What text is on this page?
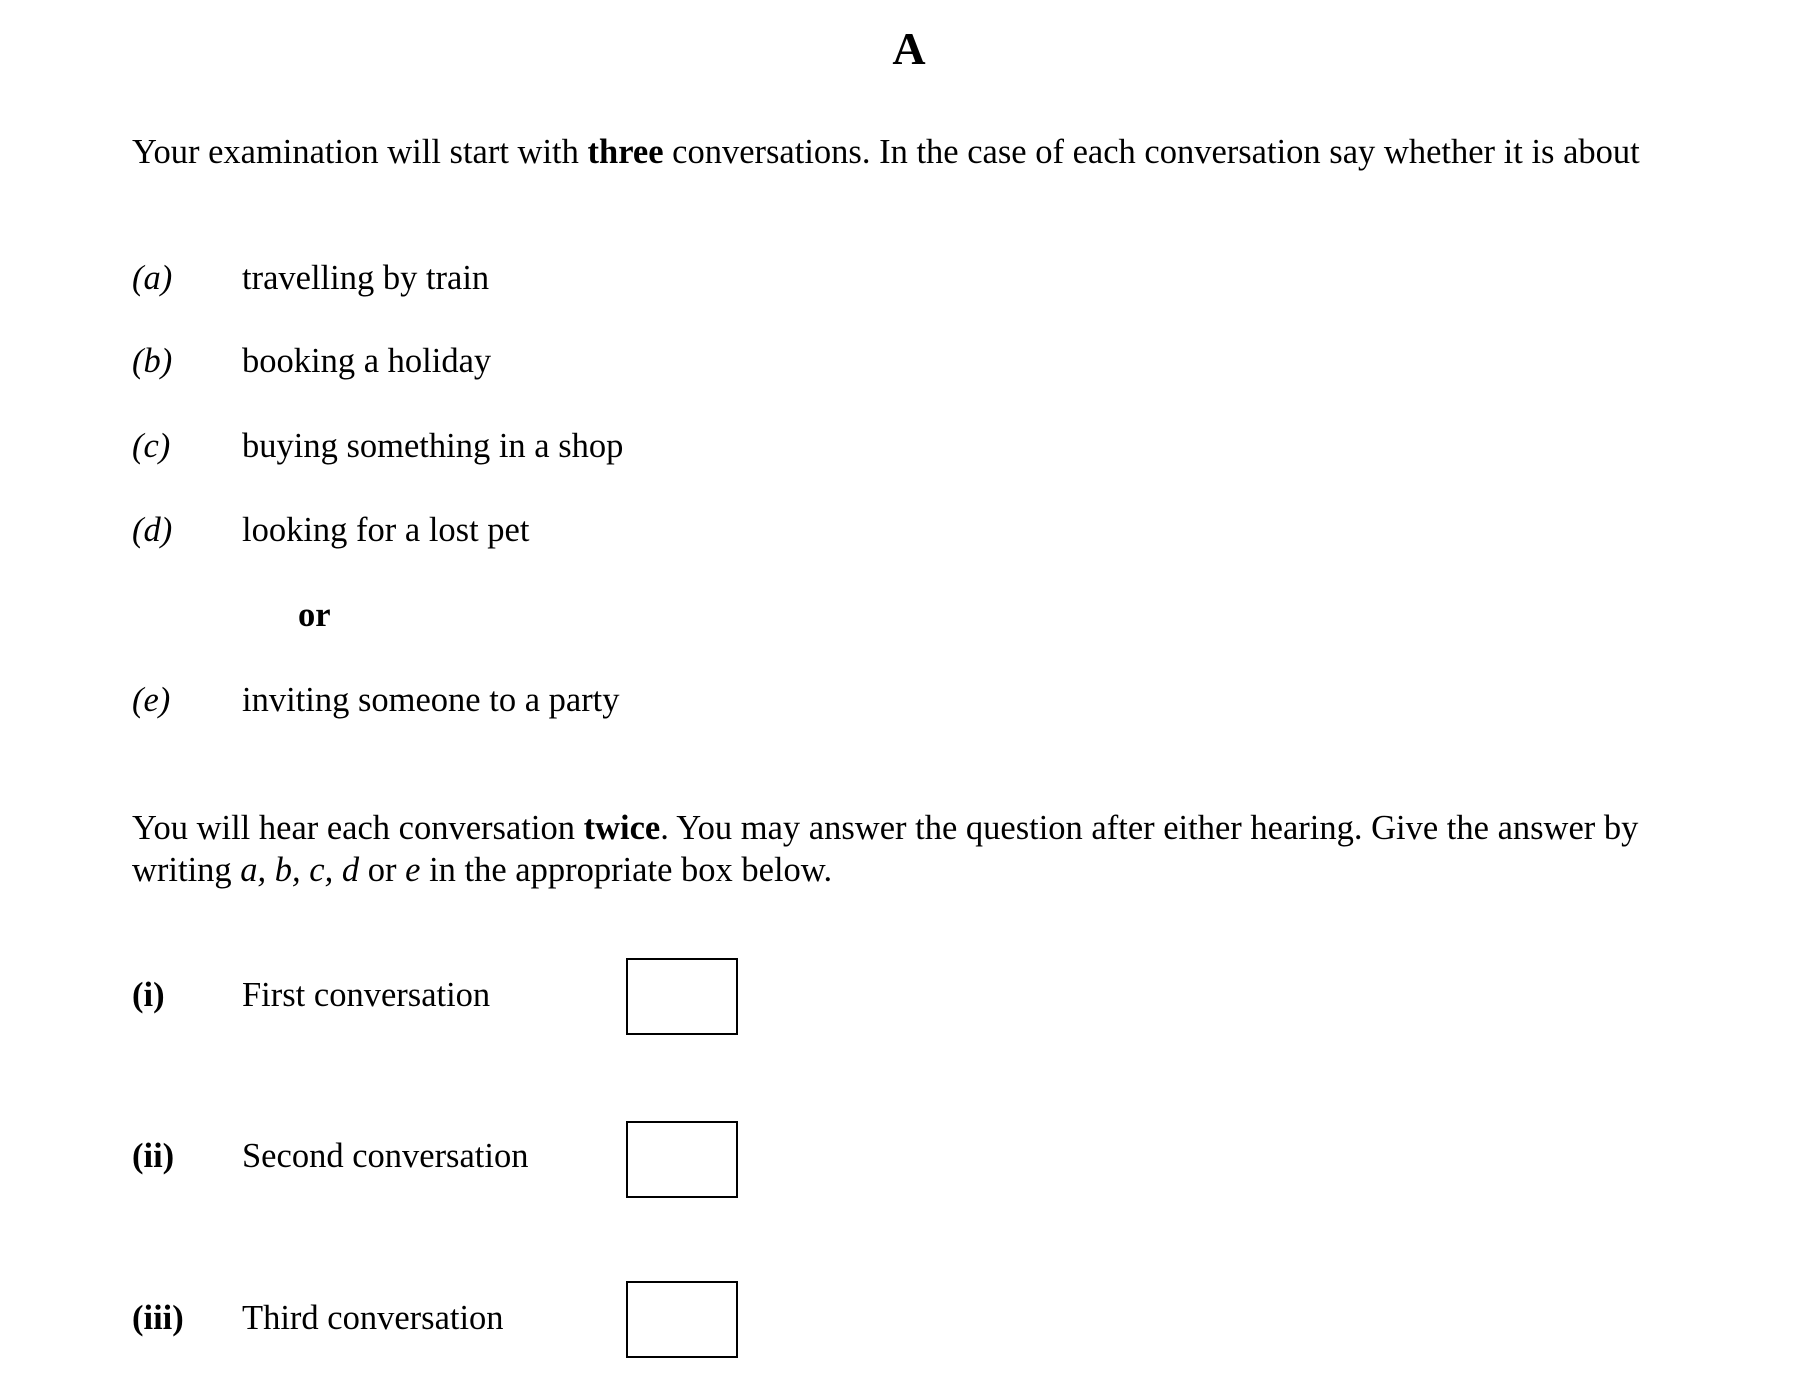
A
Your examination will start with three conversations. In the case of each conversation say whether it is about
(a) travelling by train
(b) booking a holiday
(c) buying something in a shop
(d) looking for a lost pet
or
(e) inviting someone to a party
You will hear each conversation twice. You may answer the question after either hearing. Give the answer by writing a, b, c, d or e in the appropriate box below.
(i) First conversation
(ii) Second conversation
(iii) Third conversation
